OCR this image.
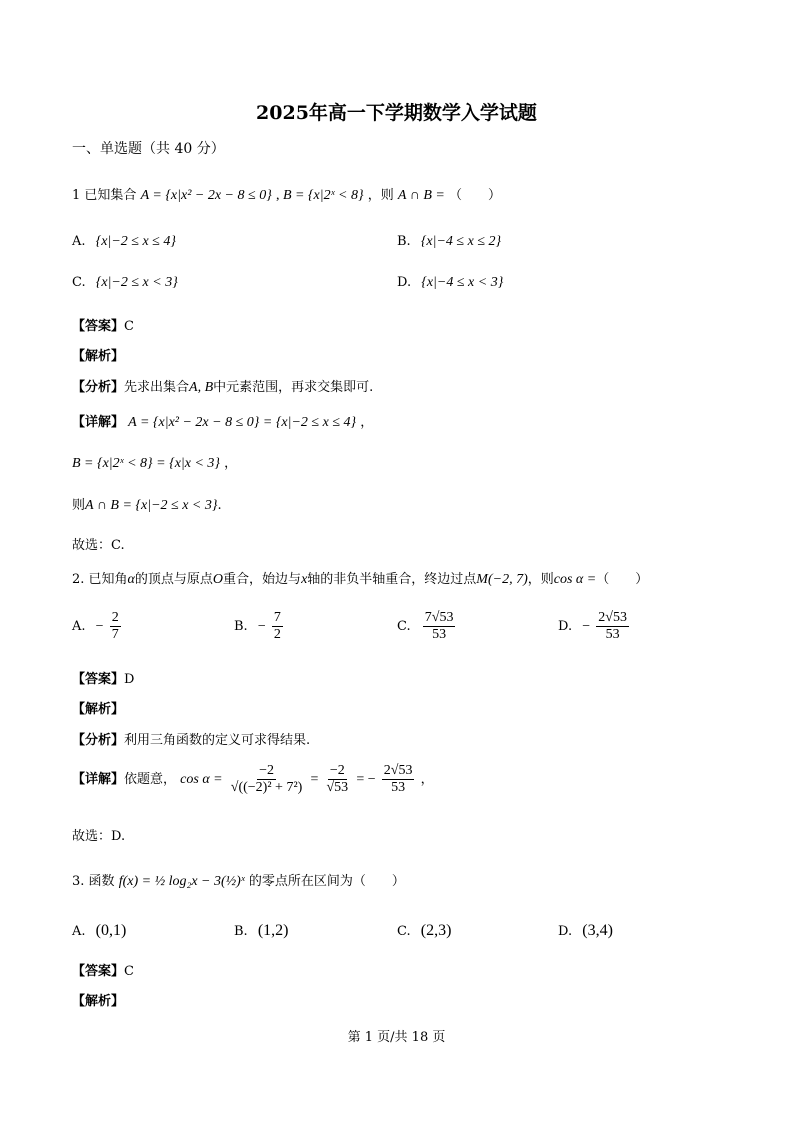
2025年高一下学期数学入学试题
一、单选题（共 40 分）
1 已知集合 A = {x|x² − 2x − 8 ≤ 0} , B = {x|2ˣ < 8} ，则 A ∩ B = （　　）
A. {x|−2 ≤ x ≤ 4}	B. {x|−4 ≤ x ≤ 2}
C. {x|−2 ≤ x < 3}	D. {x|−4 ≤ x < 3}
【答案】C
【解析】
【分析】先求出集合A, B中元素范围，再求交集即可.
【详解】 A = {x|x² − 2x − 8 ≤ 0} = {x|−2 ≤ x ≤ 4} ，
B = {x|2ˣ < 8} = {x|x < 3} ，
则A ∩ B = {x|−2 ≤ x < 3}.
故选：C.
2. 已知角α的顶点与原点O重合，始边与x轴的非负半轴重合，终边过点M(−2, 7)，则cos α =（　　）
A. − $\frac{2}{7}$	B. − $\frac{7}{2}$	C. $\frac{7√53}{53}$	D. − $\frac{2√53}{53}$
【答案】D
【解析】
【分析】利用三角函数的定义可求得结果.
【详解】依题意， $\cos \alpha = \frac{-2}{\text{√((−2)² + 7²)}} = \frac{-2}{√53}$ = − $\frac{2√53}{53}$ ，
故选：D.
3. 函数 f(x) = ½ log₂x − 3(½)ˣ 的零点所在区间为（　　）
A. (0,1)	B. (1,2)	C. (2,3)	D. (3,4)
【答案】C
【解析】
第 1 页/共 18 页
